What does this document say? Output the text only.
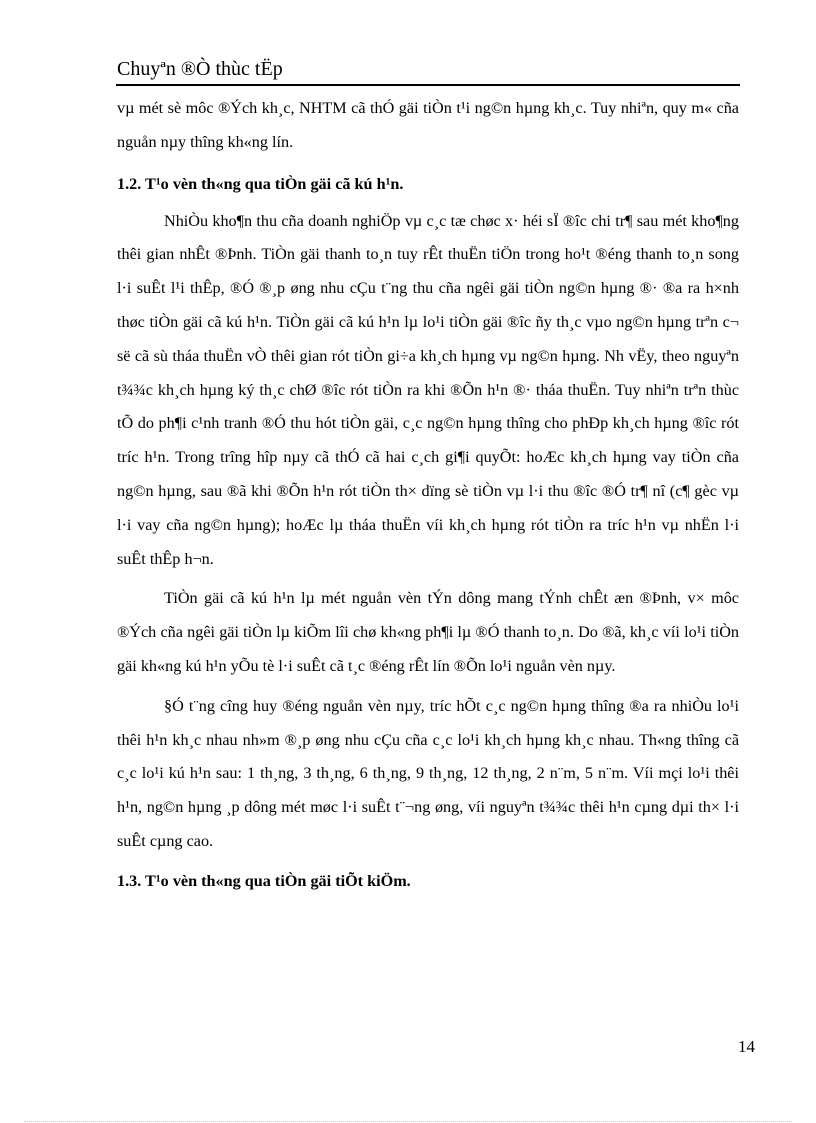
Chuyªn ®Ò thùc tËp

vµ mét sè môc ®Ých kh¸c, NHTM cã thÓ gäi tiÒn t¹i ng©n hµng kh¸c. Tuy nhiªn, quy m« cña nguån nµy thîng kh«ng lín.

1.2. T¹o vèn th«ng qua tiÒn gäi cã kú h¹n.

NhiÒu kho¶n thu cña doanh nghiÖp vµ c¸c tæ chøc x· héi sÏ ®îc chi tr¶ sau mét kho¶ng thêi gian nhÊt ®Þnh. TiÒn gäi thanh to¸n tuy rÊt thuËn tiÖn trong ho¹t ®éng thanh to¸n song l·i suÊt l¹i thÊp, ®Ó ®¸p øng nhu cÇu t¨ng thu cña ngêi gäi tiÒn ng©n hµng ®· ®a ra h×nh thøc tiÒn gäi cã kú h¹n. TiÒn gäi cã kú h¹n lµ lo¹i tiÒn gäi ®îc ñy th¸c vµo ng©n hµng trªn c¬ së cã sù tháa thuËn vÒ thêi gian rót tiÒn gi÷a kh¸ch hµng vµ ng©n hµng. Nh vËy, theo nguyªn t¾¾c kh¸ch hµng ký th¸c chØ ®îc rót tiÒn ra khi ®Õn h¹n ®· tháa thuËn. Tuy nhiªn trªn thùc tÕ do ph¶i c¹nh tranh ®Ó thu hót tiÒn gäi, c¸c ng©n hµng thîng cho phÐp kh¸ch hµng ®îc rót tríc h¹n. Trong trîng hîp nµy cã thÓ cã hai c¸ch gi¶i quyÕt: hoÆc kh¸ch hµng vay tiÒn cña ng©n hµng, sau ®ã khi ®Õn h¹n rót tiÒn th× dïng sè tiÒn vµ l·i thu ®îc ®Ó tr¶ nî (c¶ gèc vµ l·i vay cña ng©n hµng); hoÆc lµ tháa thuËn víi kh¸ch hµng rót tiÒn ra tríc h¹n vµ nhËn l·i suÊt thÊp h¬n.

TiÒn gäi cã kú h¹n lµ mét nguån vèn tÝn dông mang tÝnh chÊt æn ®Þnh, v× môc ®Ých cña ngêi gäi tiÒn lµ kiÕm lîi chø kh«ng ph¶i lµ ®Ó thanh to¸n. Do ®ã, kh¸c víi lo¹i tiÒn gäi kh«ng kú h¹n yÕu tè l·i suÊt cã t¸c ®éng rÊt lín ®Õn lo¹i nguån vèn nµy.

§Ó t¨ng cîng huy ®éng nguån vèn nµy, tríc hÕt c¸c ng©n hµng thîng ®a ra nhiÒu lo¹i thêi h¹n kh¸c nhau nh»m ®¸p øng nhu cÇu cña c¸c lo¹i kh¸ch hµng kh¸c nhau. Th«ng thîng cã c¸c lo¹i kú h¹n sau: 1 th¸ng, 3 th¸ng, 6 th¸ng, 9 th¸ng, 12 th¸ng, 2 n¨m, 5 n¨m. Víi mçi lo¹i thêi h¹n, ng©n hµng ¸p dông mét møc l·i suÊt t¨¬ng øng, víi nguyªn t¾¾c thêi h¹n cµng dµi th× l·i suÊt cµng cao.

1.3. T¹o vèn th«ng qua tiÒn gäi tiÕt kiÖm.

14
